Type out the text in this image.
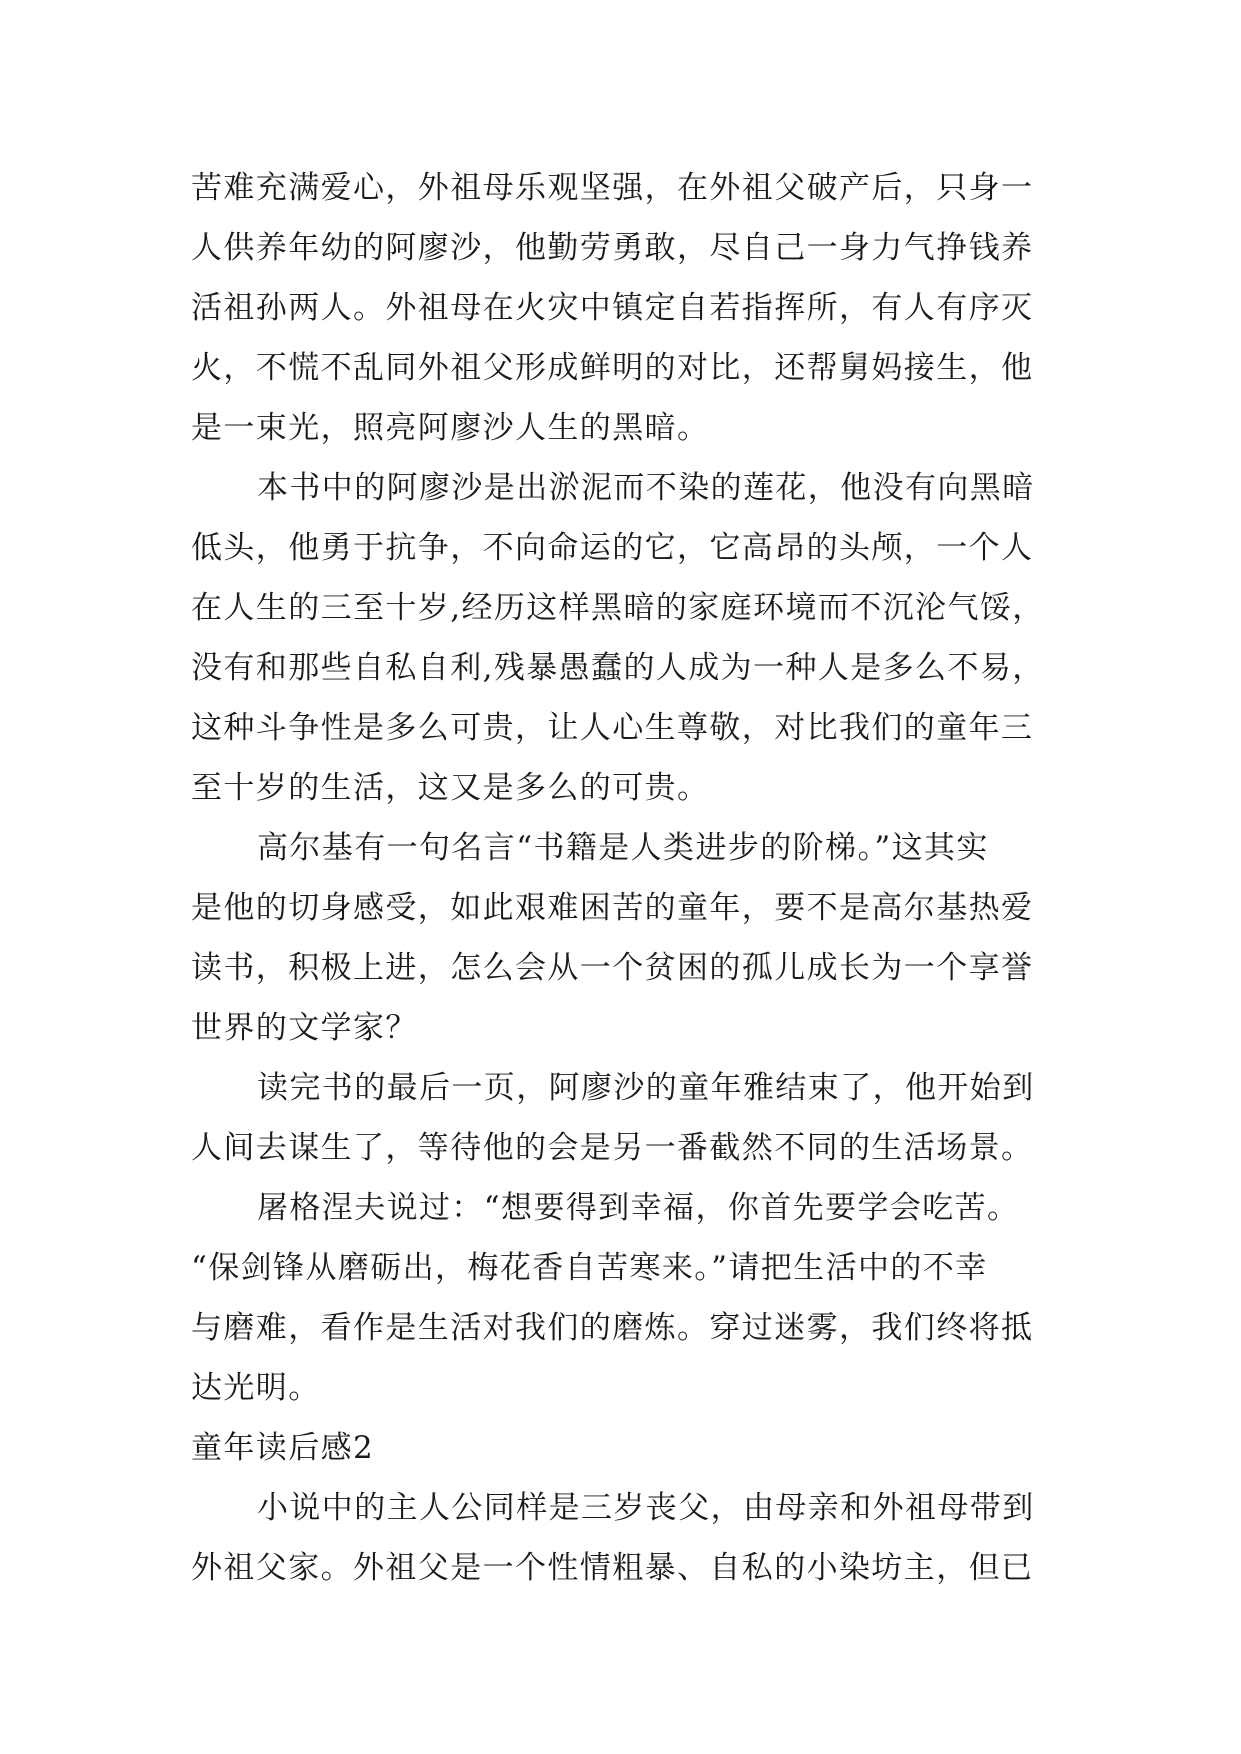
苦难充满爱心，外祖母乐观坚强，在外祖父破产后，只身一
人供养年幼的阿廖沙，他勤劳勇敢，尽自己一身力气挣钱养
活祖孙两人。外祖母在火灾中镇定自若指挥所，有人有序灭
火，不慌不乱同外祖父形成鲜明的对比，还帮舅妈接生，他
是一束光，照亮阿廖沙人生的黑暗。
本书中的阿廖沙是出淤泥而不染的莲花，他没有向黑暗
低头，他勇于抗争，不向命运的它，它高昂的头颅，一个人
在人生的三至十岁,经历这样黑暗的家庭环境而不沉沦气馁，
没有和那些自私自利,残暴愚蠢的人成为一种人是多么不易，
这种斗争性是多么可贵，让人心生尊敬，对比我们的童年三
至十岁的生活，这又是多么的可贵。
高尔基有一句名言“书籍是人类进步的阶梯。”这其实
是他的切身感受，如此艰难困苦的童年，要不是高尔基热爱
读书，积极上进，怎么会从一个贫困的孤儿成长为一个享誉
世界的文学家？
读完书的最后一页，阿廖沙的童年雅结束了，他开始到
人间去谋生了，等待他的会是另一番截然不同的生活场景。
屠格涅夫说过：“想要得到幸福，你首先要学会吃苦。
“保剑锋从磨砺出，梅花香自苦寒来。”请把生活中的不幸
与磨难，看作是生活对我们的磨炼。穿过迷雾，我们终将抵
达光明。
童年读后感2
小说中的主人公同样是三岁丧父，由母亲和外祖母带到
外祖父家。外祖父是一个性情粗暴、自私的小染坊主，但已
